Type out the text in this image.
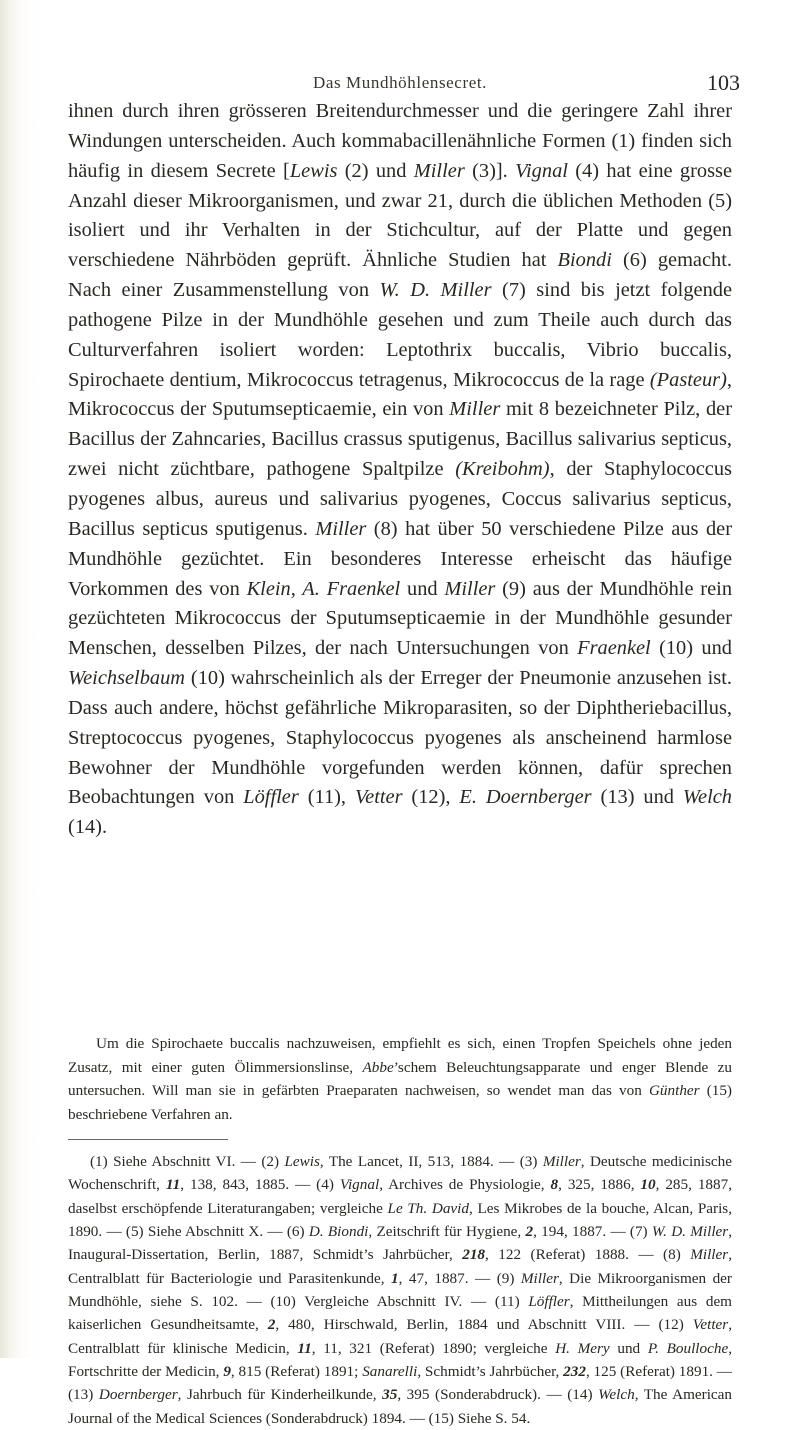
Das Mundhöhlensecret.	103

ihnen durch ihren grösseren Breitendurchmesser und die geringere Zahl ihrer Windungen unterscheiden. Auch kommabacillenähnliche Formen (1) finden sich häufig in diesem Secrete [Lewis (2) und Miller (3)]. Vignal (4) hat eine grosse Anzahl dieser Mikroorganismen, und zwar 21, durch die üblichen Methoden (5) isoliert und ihr Verhalten in der Stichcultur, auf der Platte und gegen verschiedene Nährböden geprüft. Ähnliche Studien hat Biondi (6) gemacht. Nach einer Zusammenstellung von W. D. Miller (7) sind bis jetzt folgende pathogene Pilze in der Mundhöhle gesehen und zum Theile auch durch das Culturverfahren isoliert worden: Leptothrix buccalis, Vibrio buccalis, Spirochaete dentium, Mikrococcus tetragenus, Mikrococcus de la rage (Pasteur), Mikrococcus der Sputumsepticaemie, ein von Miller mit 8 bezeichneter Pilz, der Bacillus der Zahncaries, Bacillus crassus sputigenus, Bacillus salivarius septicus, zwei nicht züchtbare, pathogene Spaltpilze (Kreibohm), der Staphylococcus pyogenes albus, aureus und salivarius pyogenes, Coccus salivarius septicus, Bacillus septicus sputigenus. Miller (8) hat über 50 verschiedene Pilze aus der Mundhöhle gezüchtet. Ein besonderes Interesse erheischt das häufige Vorkommen des von Klein, A. Fraenkel und Miller (9) aus der Mundhöhle rein gezüchteten Mikrococcus der Sputumsepticaemie in der Mundhöhle gesunder Menschen, desselben Pilzes, der nach Untersuchungen von Fraenkel (10) und Weichselbaum (10) wahrscheinlich als der Erreger der Pneumonie anzusehen ist. Dass auch andere, höchst gefährliche Mikroparasiten, so der Diphtheriebacillus, Streptococcus pyogenes, Staphylococcus pyogenes als anscheinend harmlose Bewohner der Mundhöhle vorgefunden werden können, dafür sprechen Beobachtungen von Löffler (11), Vetter (12), E. Doernberger (13) und Welch (14).

Um die Spirochaete buccalis nachzuweisen, empfiehlt es sich, einen Tropfen Speichels ohne jeden Zusatz, mit einer guten Ölimmersionslinse, Abbe’schem Beleuchtungsapparate und enger Blende zu untersuchen. Will man sie in gefärbten Praeparaten nachweisen, so wendet man das von Günther (15) beschriebene Verfahren an.
(1) Siehe Abschnitt VI. — (2) Lewis, The Lancet, II, 513, 1884. — (3) Miller, Deutsche medicinische Wochenschrift, 11, 138, 843, 1885. — (4) Vignal, Archives de Physiologie, 8, 325, 1886, 10, 285, 1887, daselbst erschöpfende Literaturangaben; vergleiche Le Th. David, Les Mikrobes de la bouche, Alcan, Paris, 1890. — (5) Siehe Abschnitt X. — (6) D. Biondi, Zeitschrift für Hygiene, 2, 194, 1887. — (7) W. D. Miller, Inaugural-Dissertation, Berlin, 1887, Schmidt’s Jahrbücher, 218, 122 (Referat) 1888. — (8) Miller, Centralblatt für Bacteriologie und Parasitenkunde, 1, 47, 1887. — (9) Miller, Die Mikroorganismen der Mundhöhle, siehe S. 102. — (10) Vergleiche Abschnitt IV. — (11) Löffler, Mittheilungen aus dem kaiserlichen Gesundheitsamte, 2, 480, Hirschwald, Berlin, 1884 und Abschnitt VIII. — (12) Vetter, Centralblatt für klinische Medicin, 11, 11, 321 (Referat) 1890; vergleiche H. Mery und P. Boulloche, Fortschritte der Medicin, 9, 815 (Referat) 1891; Sanarelli, Schmidt’s Jahrbücher, 232, 125 (Referat) 1891. — (13) Doernberger, Jahrbuch für Kinderheilkunde, 35, 395 (Sonderabdruck). — (14) Welch, The American Journal of the Medical Sciences (Sonderabdruck) 1894. — (15) Siehe S. 54.
